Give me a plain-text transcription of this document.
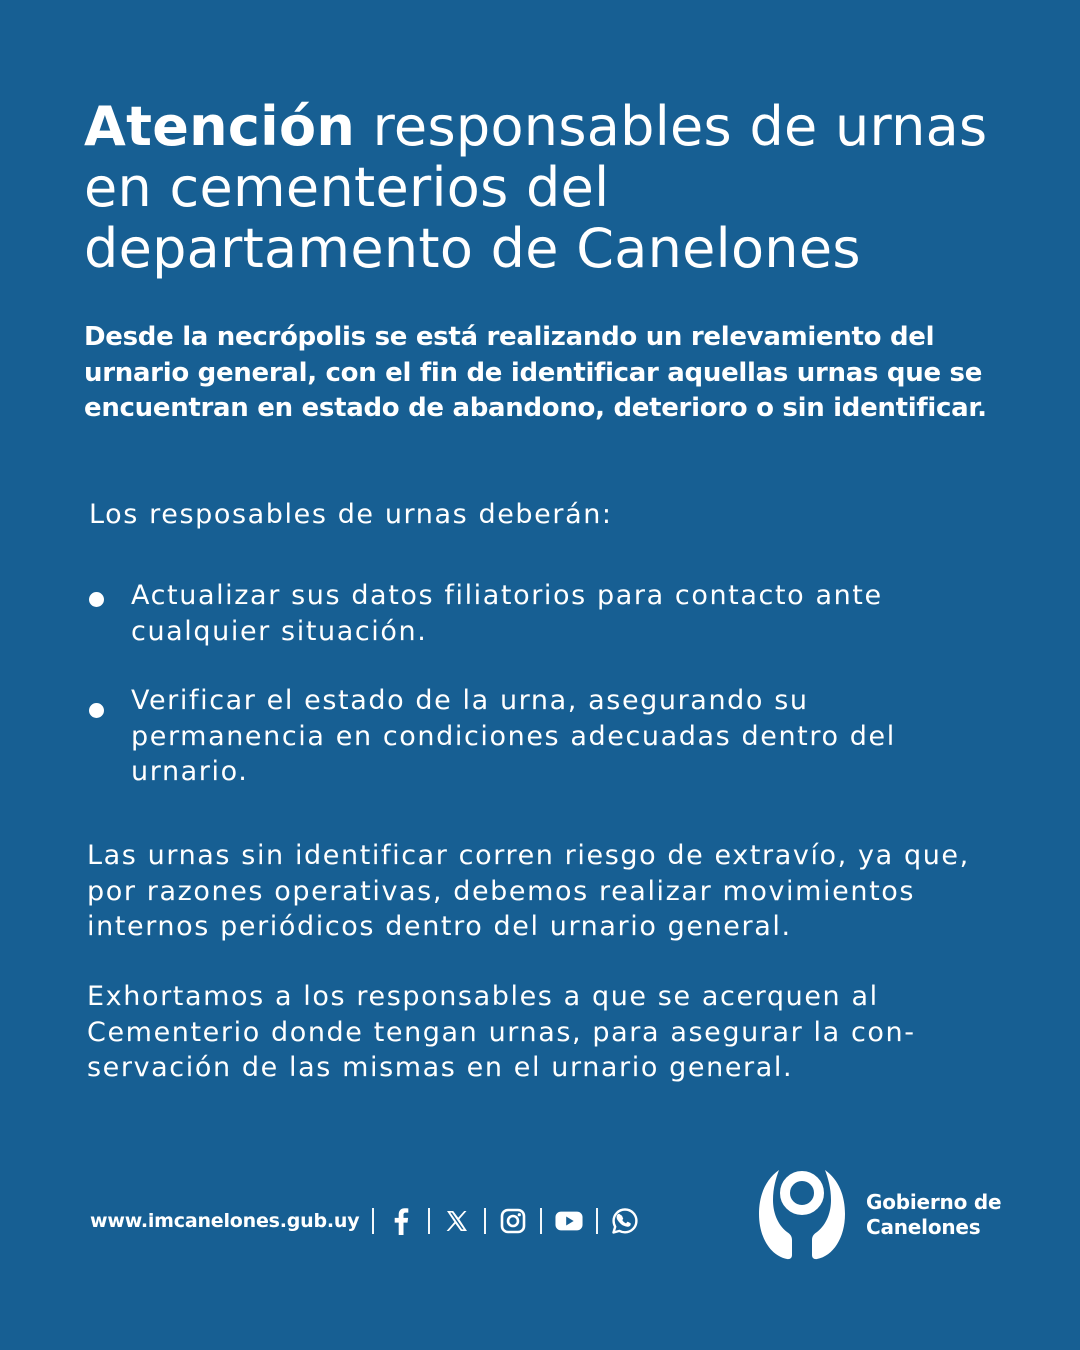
Atención responsables de urnas en cementerios del departamento de Canelones

Desde la necrópolis se está realizando un relevamiento del urnario general, con el fin de identificar aquellas urnas que se encuentran en estado de abandono, deterioro o sin identificar.

Los resposables de urnas deberán:

Actualizar sus datos filiatorios para contacto ante cualquier situación.
Verificar el estado de la urna, asegurando su permanencia en condiciones adecuadas dentro del urnario.

Las urnas sin identificar corren riesgo de extravío, ya que, por razones operativas, debemos realizar movimientos internos periódicos dentro del urnario general.

Exhortamos a los responsables a que se acerquen al Cementerio donde tengan urnas, para asegurar la conservación de las mismas en el urnario general.

www.imcanelones.gub.uy

Gobierno de
Canelones
